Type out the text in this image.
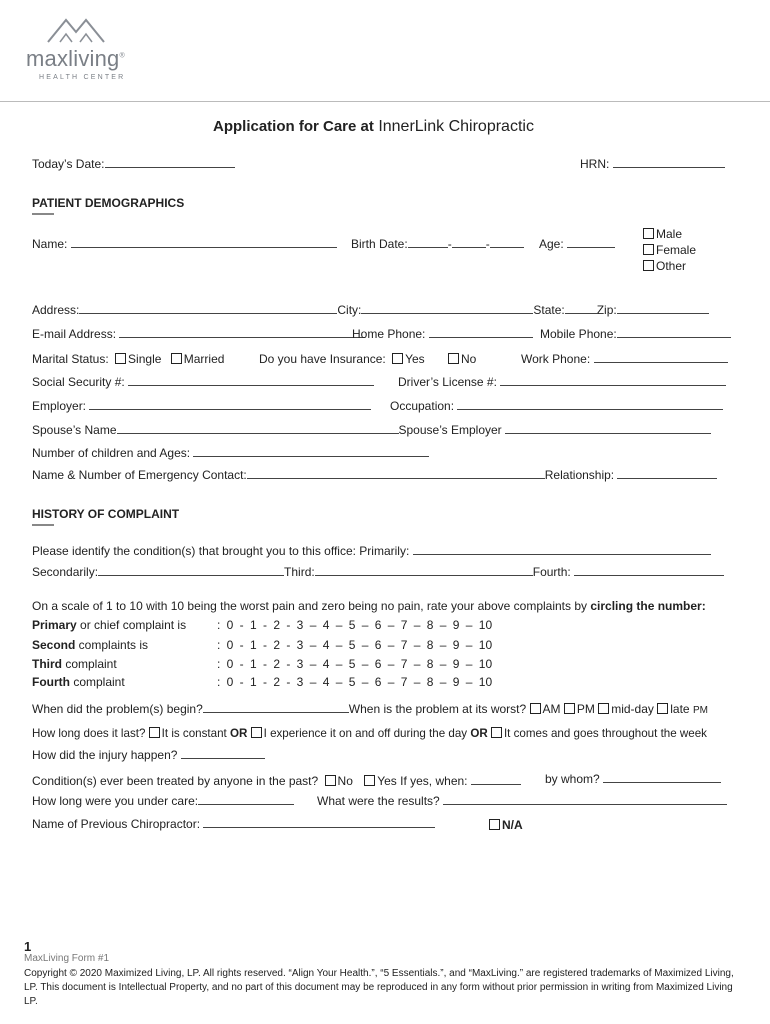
maxliving®
HEALTH CENTER
Application for Care at InnerLink Chiropractic
Today’s Date:	HRN:
PATIENT DEMOGRAPHICS
Name:	Birth Date:	-	-	Age:
Male
Female
Other
Address:	City:	State:	Zip:
E-mail Address:	Home Phone:	Mobile Phone:
Marital Status: Single Married	Do you have Insurance: Yes	No	Work Phone:
Social Security #:	Driver’s License #:
Employer:	Occupation:
Spouse’s Name	Spouse’s Employer
Number of children and Ages:
Name & Number of Emergency Contact:	Relationship:
HISTORY OF COMPLAINT
Please identify the condition(s) that brought you to this office: Primarily:
Secondarily:	Third:	Fourth:
On a scale of 1 to 10 with 10 being the worst pain and zero being no pain, rate your above complaints by circling the number:
Primary or chief complaint is	: 0 - 1 - 2 - 3 – 4 – 5 – 6 – 7 – 8 – 9 – 10
Second complaints is	: 0 - 1 - 2 - 3 – 4 – 5 – 6 – 7 – 8 – 9 – 10
Third complaint	: 0 - 1 - 2 - 3 – 4 – 5 – 6 – 7 – 8 – 9 – 10
Fourth complaint	: 0 - 1 - 2 - 3 – 4 – 5 – 6 – 7 – 8 – 9 – 10
When did the problem(s) begin?	When is the problem at its worst? AM PM mid-day late PM
How long does it last? It is constant OR I experience it on and off during the day OR It comes and goes throughout the week
How did the injury happen?
Condition(s) ever been treated by anyone in the past? No Yes If yes, when:	by whom?
How long were you under care:	What were the results?
Name of Previous Chiropractor:	N/A
1
MaxLiving Form #1
Copyright © 2020 Maximized Living, LP. All rights reserved. “Align Your Health.”, “5 Essentials.”, and “MaxLiving.” are registered trademarks of Maximized Living, LP. This document is Intellectual Property, and no part of this document may be reproduced in any form without prior permission in writing from Maximized Living LP.
